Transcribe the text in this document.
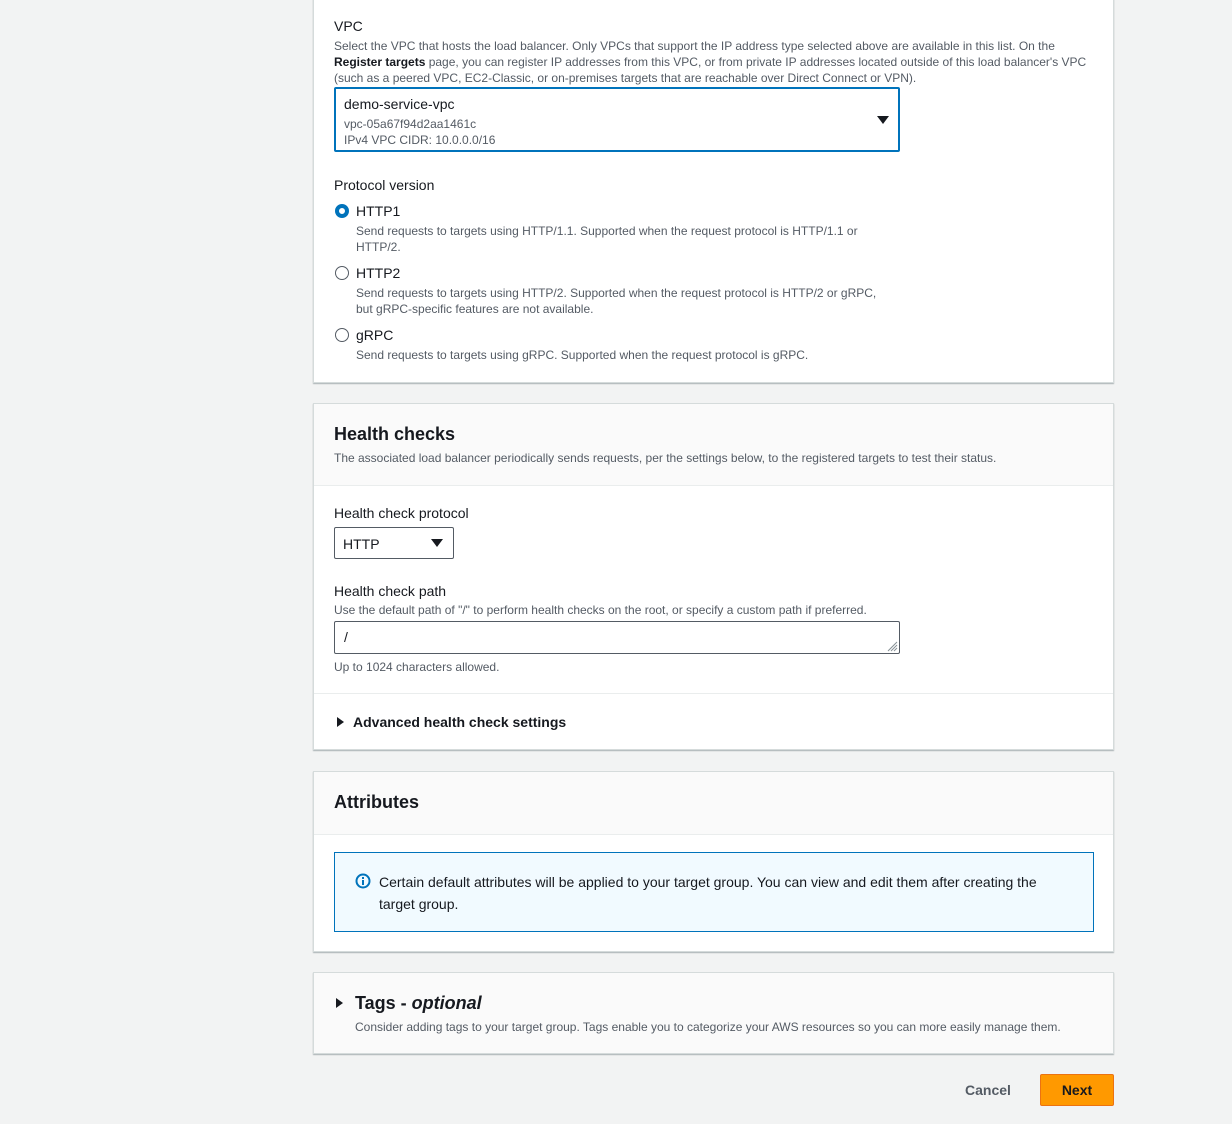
VPC
Select the VPC that hosts the load balancer. Only VPCs that support the IP address type selected above are available in this list. On the
Register targets page, you can register IP addresses from this VPC, or from private IP addresses located outside of this load balancer's VPC
(such as a peered VPC, EC2-Classic, or on-premises targets that are reachable over Direct Connect or VPN).
demo-service-vpc
vpc-05a67f94d2aa1461c
IPv4 VPC CIDR: 10.0.0.0/16
Protocol version
HTTP1
Send requests to targets using HTTP/1.1. Supported when the request protocol is HTTP/1.1 or
HTTP/2.
HTTP2
Send requests to targets using HTTP/2. Supported when the request protocol is HTTP/2 or gRPC,
but gRPC-specific features are not available.
gRPC
Send requests to targets using gRPC. Supported when the request protocol is gRPC.
Health checks
The associated load balancer periodically sends requests, per the settings below, to the registered targets to test their status.
Health check protocol
HTTP
Health check path
Use the default path of "/" to perform health checks on the root, or specify a custom path if preferred.
/
Up to 1024 characters allowed.
Advanced health check settings
Attributes
Certain default attributes will be applied to your target group. You can view and edit them after creating the
target group.
Tags - optional
Consider adding tags to your target group. Tags enable you to categorize your AWS resources so you can more easily manage them.
Cancel	Next
